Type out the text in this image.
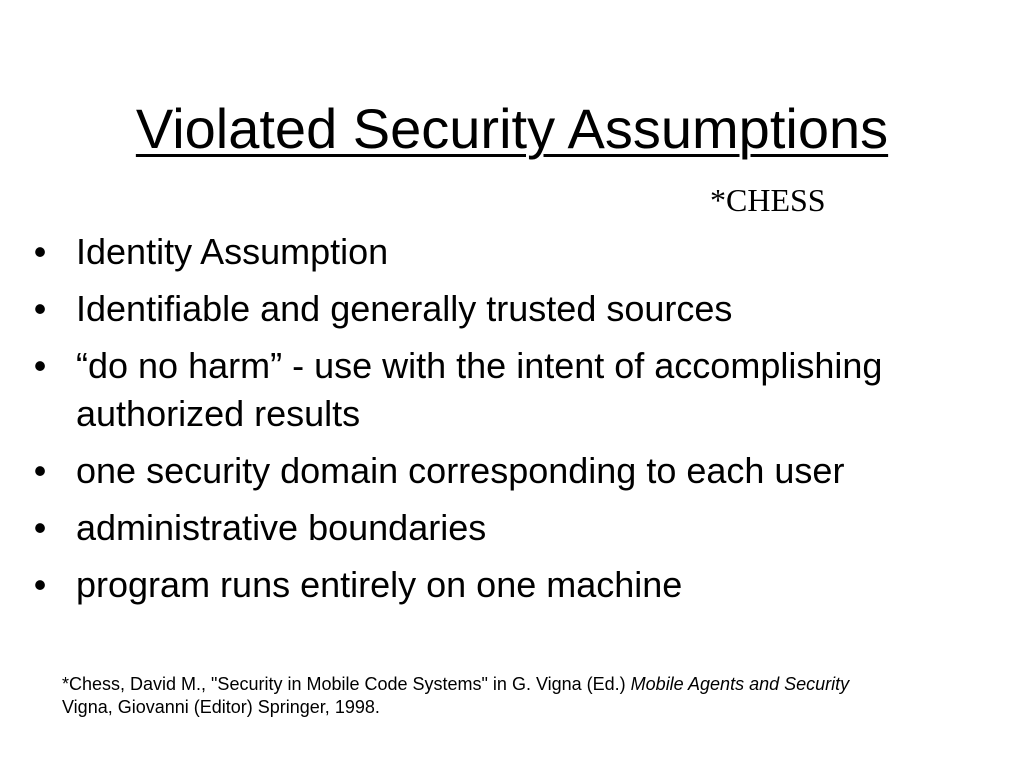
Violated Security Assumptions
*CHESS
• Identity Assumption
• Identifiable and generally trusted sources
• “do no harm” - use with the intent of accomplishing authorized results
• one security domain corresponding to each user
• administrative boundaries
• program runs entirely on one machine
*Chess, David M., "Security in Mobile Code Systems" in G. Vigna (Ed.) Mobile Agents and Security
Vigna, Giovanni (Editor) Springer, 1998.
